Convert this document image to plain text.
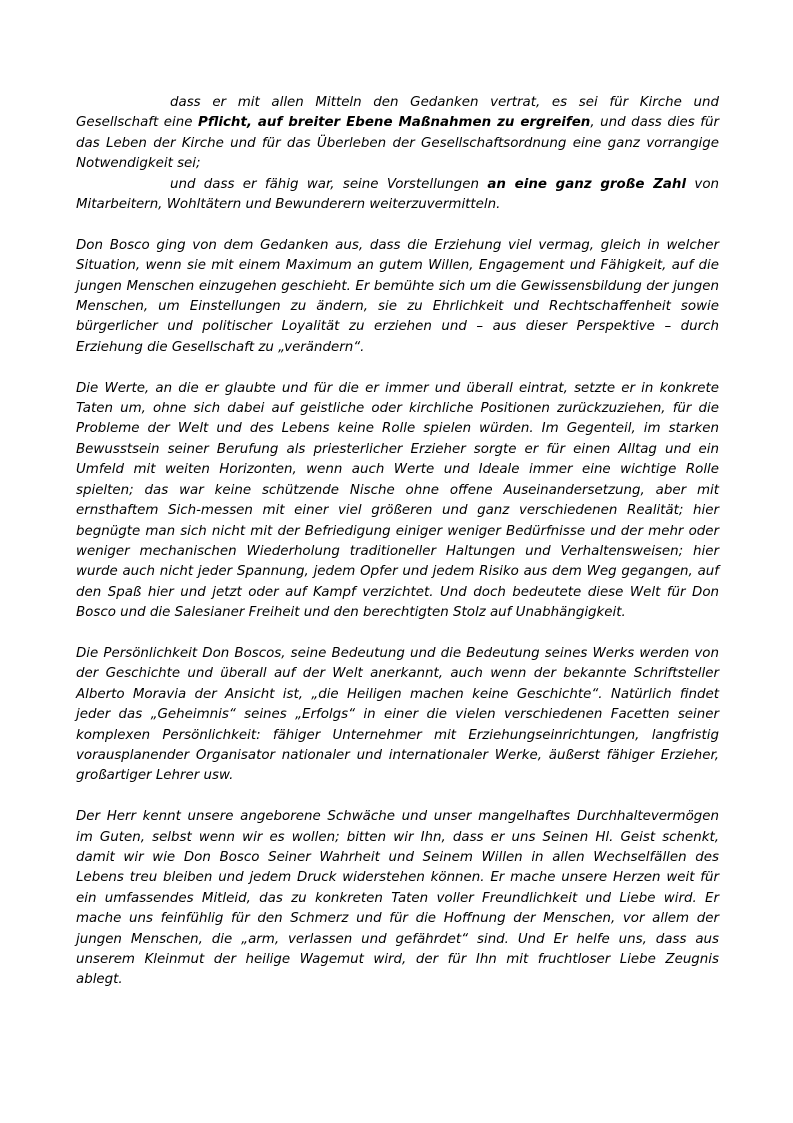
dass er mit allen Mitteln den Gedanken vertrat, es sei für Kirche und
Gesellschaft eine Pflicht, auf breiter Ebene Maßnahmen zu ergreifen, und dass dies für
das Leben der Kirche und für das Überleben der Gesellschaftsordnung eine ganz vorrangige
Notwendigkeit sei;

und dass er fähig war, seine Vorstellungen an eine ganz große Zahl von
Mitarbeitern, Wohltätern und Bewunderern weiterzuvermitteln.

Don Bosco ging von dem Gedanken aus, dass die Erziehung viel vermag, gleich in welcher
Situation, wenn sie mit einem Maximum an gutem Willen, Engagement und Fähigkeit, auf die
jungen Menschen einzugehen geschieht. Er bemühte sich um die Gewissensbildung der jungen
Menschen, um Einstellungen zu ändern, sie zu Ehrlichkeit und Rechtschaffenheit sowie
bürgerlicher und politischer Loyalität zu erziehen und – aus dieser Perspektive – durch
Erziehung die Gesellschaft zu „verändern“.

Die Werte, an die er glaubte und für die er immer und überall eintrat, setzte er in konkrete
Taten um, ohne sich dabei auf geistliche oder kirchliche Positionen zurückzuziehen, für die
Probleme der Welt und des Lebens keine Rolle spielen würden. Im Gegenteil, im starken
Bewusstsein seiner Berufung als priesterlicher Erzieher sorgte er für einen Alltag und ein
Umfeld mit weiten Horizonten, wenn auch Werte und Ideale immer eine wichtige Rolle
spielten; das war keine schützende Nische ohne offene Auseinandersetzung, aber mit
ernsthaftem Sich-messen mit einer viel größeren und ganz verschiedenen Realität; hier
begnügte man sich nicht mit der Befriedigung einiger weniger Bedürfnisse und der mehr oder
weniger mechanischen Wiederholung traditioneller Haltungen und Verhaltensweisen; hier
wurde auch nicht jeder Spannung, jedem Opfer und jedem Risiko aus dem Weg gegangen, auf
den Spaß hier und jetzt oder auf Kampf verzichtet. Und doch bedeutete diese Welt für Don
Bosco und die Salesianer Freiheit und den berechtigten Stolz auf Unabhängigkeit.

Die Persönlichkeit Don Boscos, seine Bedeutung und die Bedeutung seines Werks werden von
der Geschichte und überall auf der Welt anerkannt, auch wenn der bekannte Schriftsteller
Alberto Moravia der Ansicht ist, „die Heiligen machen keine Geschichte“. Natürlich findet
jeder das „Geheimnis“ seines „Erfolgs“ in einer die vielen verschiedenen Facetten seiner
komplexen Persönlichkeit: fähiger Unternehmer mit Erziehungseinrichtungen, langfristig
vorausplanender Organisator nationaler und internationaler Werke, äußerst fähiger Erzieher,
großartiger Lehrer usw.

Der Herr kennt unsere angeborene Schwäche und unser mangelhaftes Durchhaltevermögen
im Guten, selbst wenn wir es wollen; bitten wir Ihn, dass er uns Seinen Hl. Geist schenkt,
damit wir wie Don Bosco Seiner Wahrheit und Seinem Willen in allen Wechselfällen des
Lebens treu bleiben und jedem Druck widerstehen können. Er mache unsere Herzen weit für
ein umfassendes Mitleid, das zu konkreten Taten voller Freundlichkeit und Liebe wird. Er
mache uns feinfühlig für den Schmerz und für die Hoffnung der Menschen, vor allem der
jungen Menschen, die „arm, verlassen und gefährdet“ sind. Und Er helfe uns, dass aus
unserem Kleinmut der heilige Wagemut wird, der für Ihn mit fruchtloser Liebe Zeugnis
ablegt.
